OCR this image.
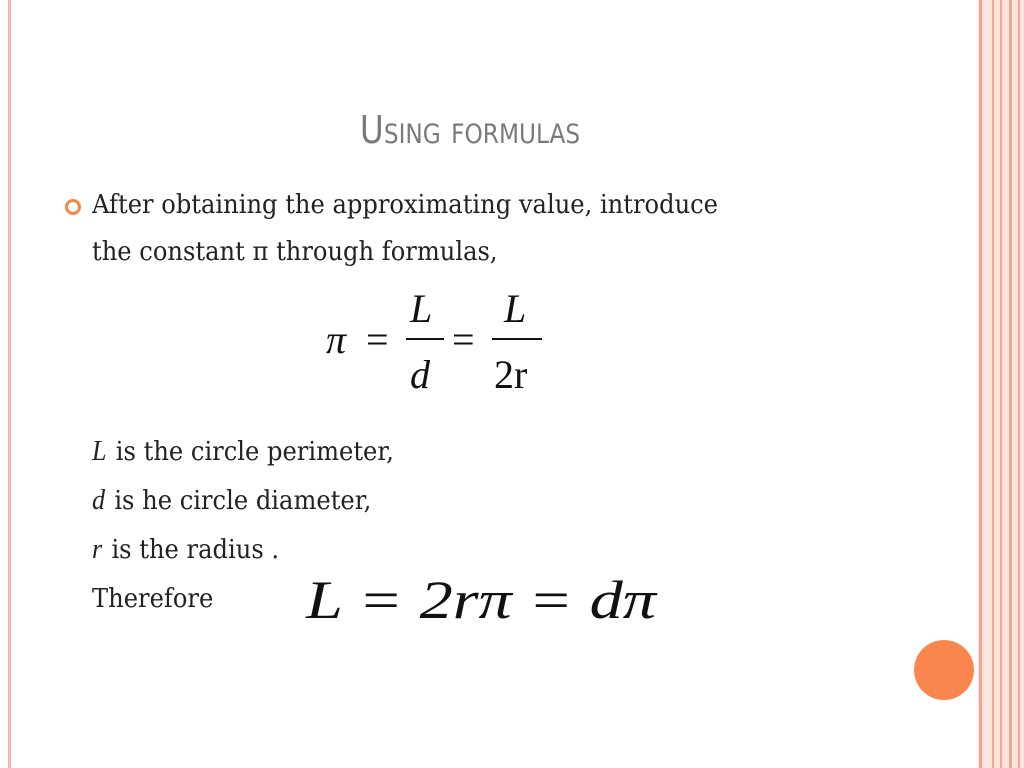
Using formulas
After obtaining the approximating value, introduce
the constant π through formulas,
π =
L
d
=
L
2r
L is the circle perimeter,
d is he circle diameter,
r is the radius .
Therefore L = 2rπ = dπ
